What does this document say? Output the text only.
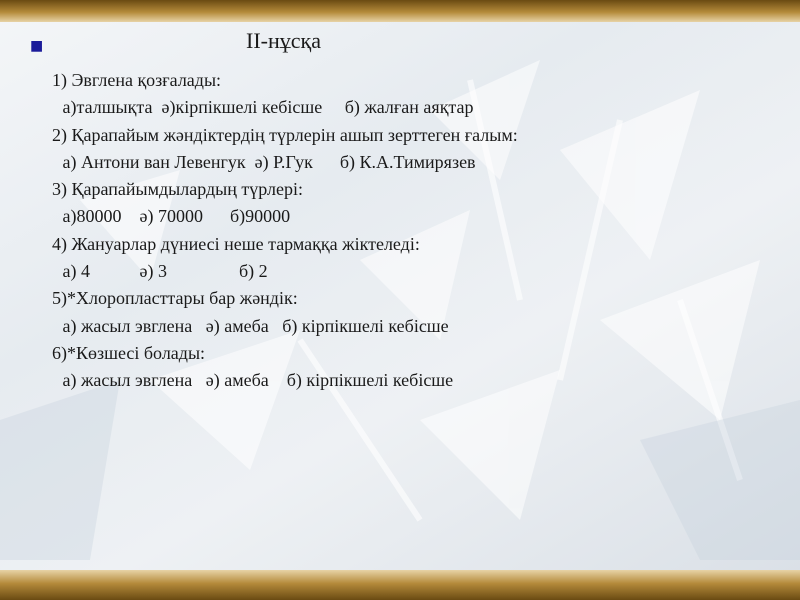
■	II-нұсқа
1) Эвглена қозғалады:
а)талшықта  ә)кірпікшелі кебісше     б) жалған аяқтар
2) Қарапайым жәндіктердің түрлерін ашып зерттеген ғалым:
а) Антони ван Левенгук  ә) Р.Гук      б) К.А.Тимирязев
3) Қарапайымдылардың түрлері:
а)80000    ә) 70000      б)90000
4) Жануарлар дүниесі неше тармаққа жіктеледі:
а) 4           ә) 3                б) 2
5)*Хлоропласттары бар жәндік:
а) жасыл эвглена   ә) амеба   б) кірпікшелі кебісше
6)*Көзшесі болады:
а) жасыл эвглена   ә) амеба    б) кірпікшелі кебісше
